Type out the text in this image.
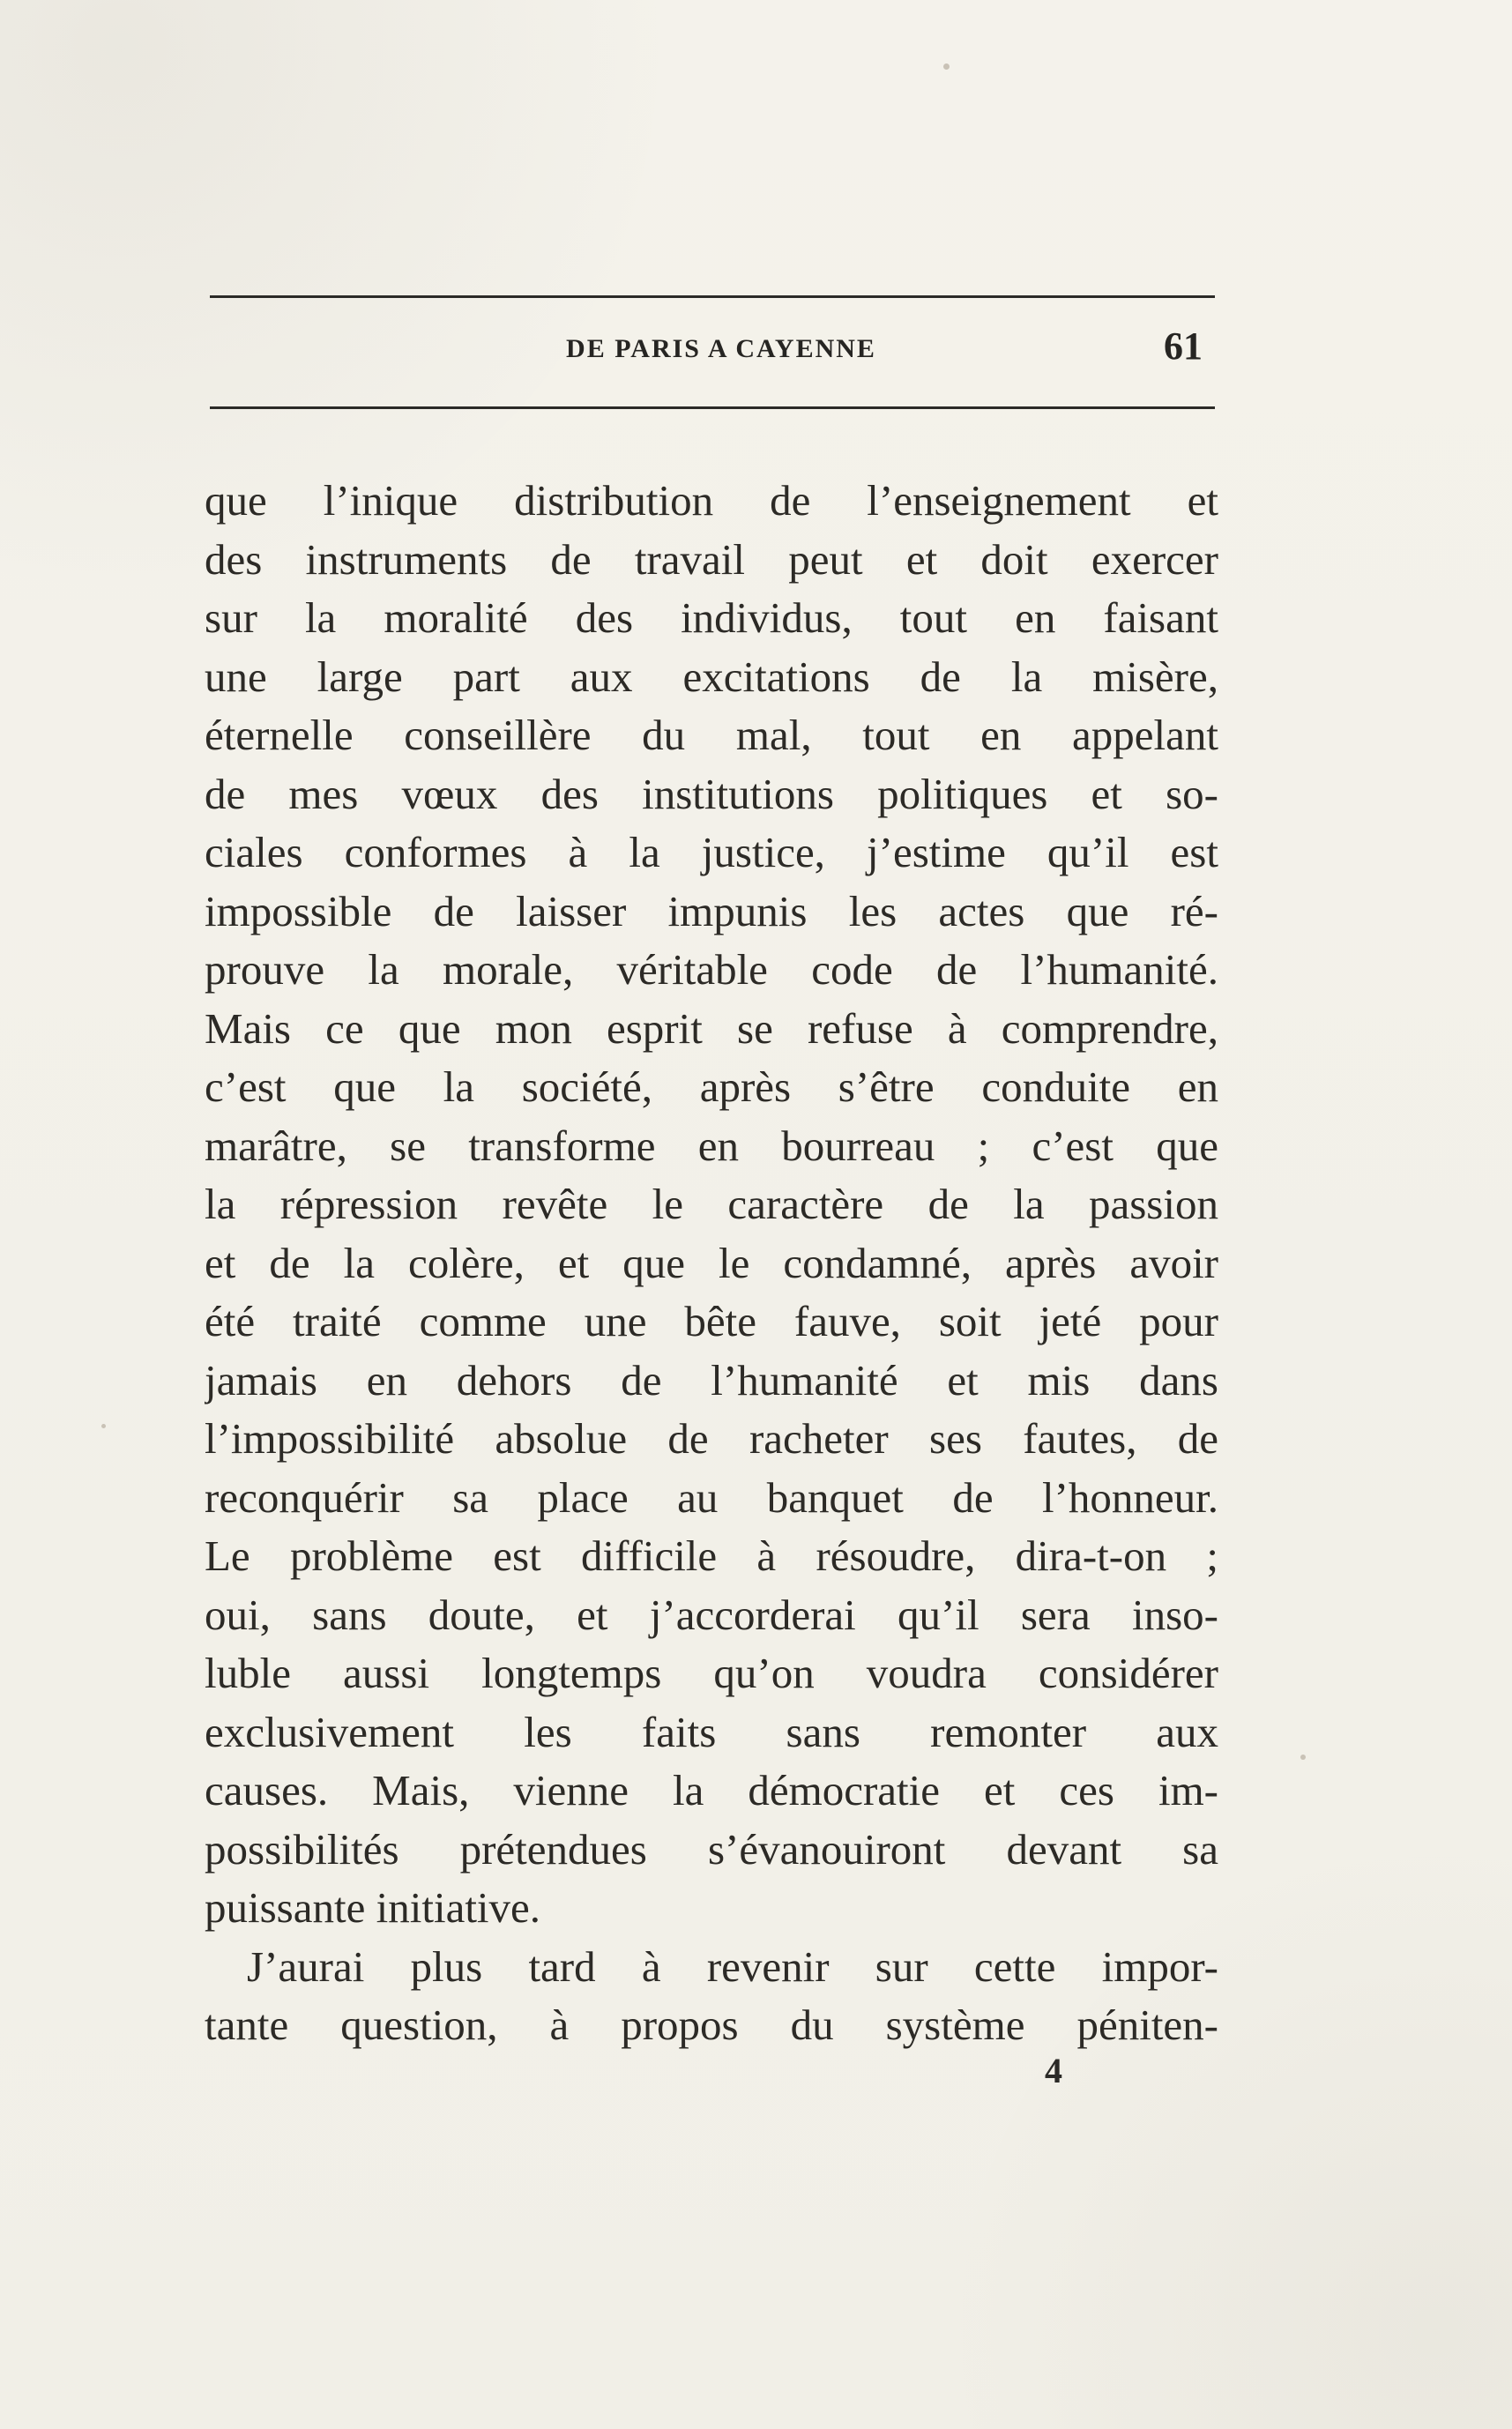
DE PARIS A CAYENNE	61
que l’inique distribution de l’enseignement et
des instruments de travail peut et doit exercer
sur la moralité des individus, tout en faisant
une large part aux excitations de la misère,
éternelle conseillère du mal, tout en appelant
de mes vœux des institutions politiques et so-
ciales conformes à la justice, j’estime qu’il est
impossible de laisser impunis les actes que ré-
prouve la morale, véritable code de l’humanité.
Mais ce que mon esprit se refuse à comprendre,
c’est que la société, après s’être conduite en
marâtre, se transforme en bourreau ; c’est que
la répression revête le caractère de la passion
et de la colère, et que le condamné, après avoir
été traité comme une bête fauve, soit jeté pour
jamais en dehors de l’humanité et mis dans
l’impossibilité absolue de racheter ses fautes, de
reconquérir sa place au banquet de l’honneur.
Le problème est difficile à résoudre, dira-t-on ;
oui, sans doute, et j’accorderai qu’il sera inso-
luble aussi longtemps qu’on voudra considérer
exclusivement les faits sans remonter aux
causes. Mais, vienne la démocratie et ces im-
possibilités prétendues s’évanouiront devant sa
puissante initiative.
J’aurai plus tard à revenir sur cette impor-
tante question, à propos du système péniten-
4
